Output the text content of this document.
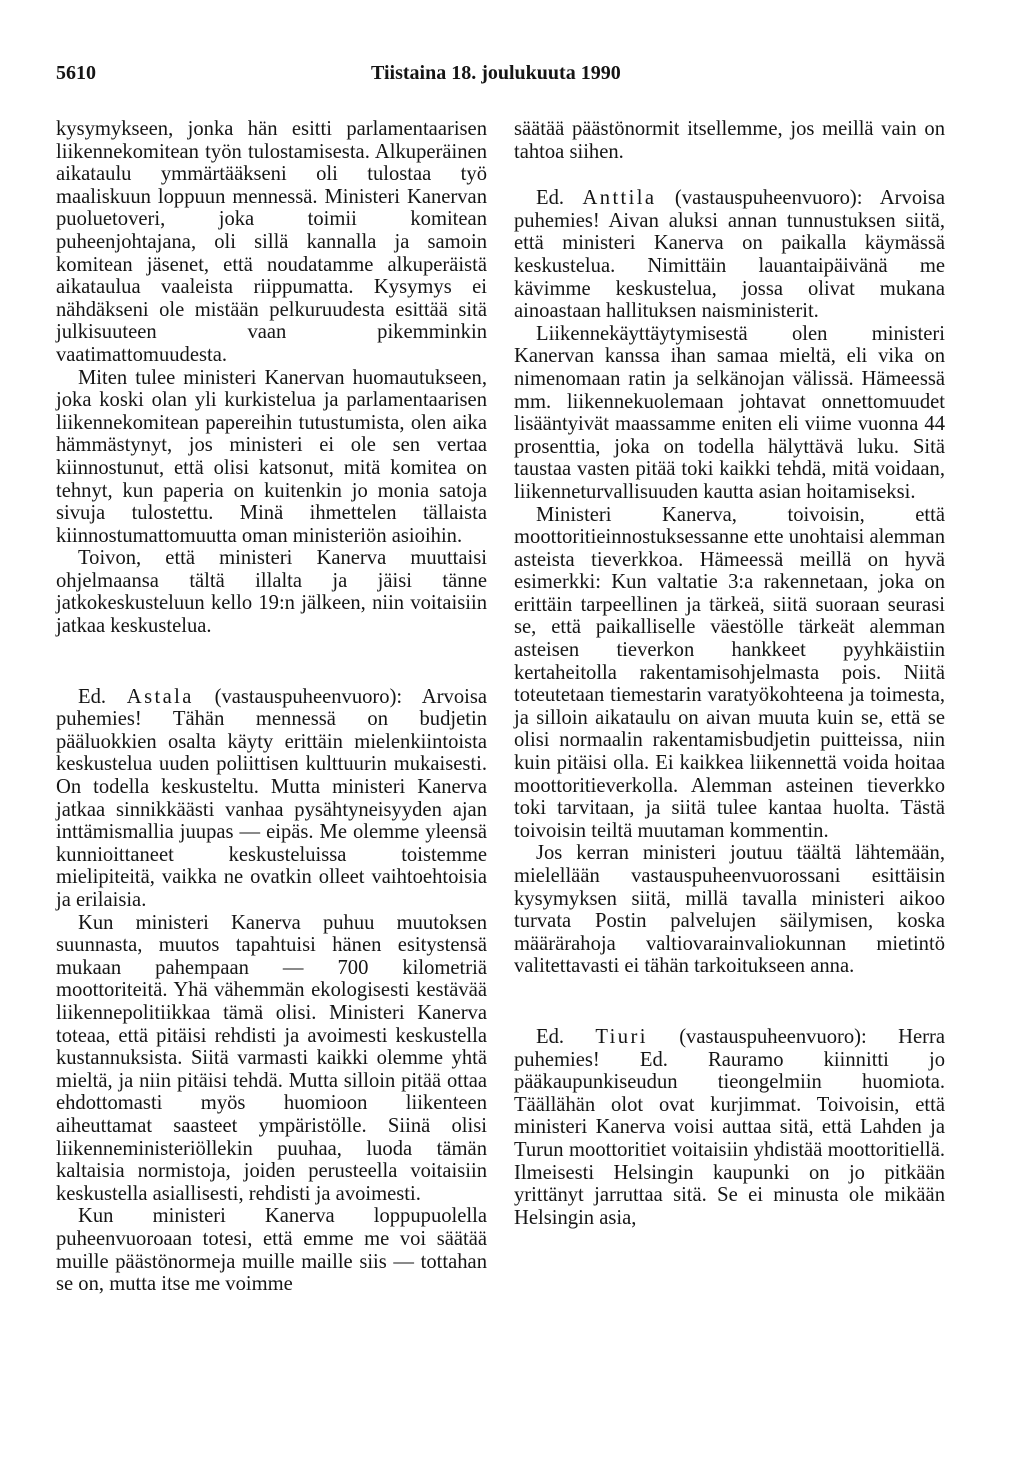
5610	Tiistaina 18. joulukuuta 1990

kysymykseen, jonka hän esitti parlamentaarisen liikennekomitean työn tulostamisesta. Alkuperäinen aikataulu ymmärtääkseni oli tulostaa työ maaliskuun loppuun mennessä. Ministeri Kanervan puoluetoveri, joka toimii komitean puheenjohtajana, oli sillä kannalla ja samoin komitean jäsenet, että noudatamme alkuperäistä aikataulua vaaleista riippumatta. Kysymys ei nähdäkseni ole mistään pelkuruudesta esittää sitä julkisuuteen vaan pikemminkin vaatimattomuudesta.

Miten tulee ministeri Kanervan huomautukseen, joka koski olan yli kurkistelua ja parlamentaarisen liikennekomitean papereihin tutustumista, olen aika hämmästynyt, jos ministeri ei ole sen vertaa kiinnostunut, että olisi katsonut, mitä komitea on tehnyt, kun paperia on kuitenkin jo monia satoja sivuja tulostettu. Minä ihmettelen tällaista kiinnostumattomuutta oman ministeriön asioihin.

Toivon, että ministeri Kanerva muuttaisi ohjelmaansa tältä illalta ja jäisi tänne jatkokeskusteluun kello 19:n jälkeen, niin voitaisiin jatkaa keskustelua.

Ed. Astala (vastauspuheenvuoro): Arvoisa puhemies! Tähän mennessä on budjetin pääluokkien osalta käyty erittäin mielenkiintoista keskustelua uuden poliittisen kulttuurin mukaisesti. On todella keskusteltu. Mutta ministeri Kanerva jatkaa sinnikkäästi vanhaa pysähtyneisyyden ajan inttämismallia juupas — eipäs. Me olemme yleensä kunnioittaneet keskusteluissa toistemme mielipiteitä, vaikka ne ovatkin olleet vaihtoehtoisia ja erilaisia.

Kun ministeri Kanerva puhuu muutoksen suunnasta, muutos tapahtuisi hänen esitystensä mukaan pahempaan — 700 kilometriä moottoriteitä. Yhä vähemmän ekologisesti kestävää liikennepolitiikkaa tämä olisi. Ministeri Kanerva toteaa, että pitäisi rehdisti ja avoimesti keskustella kustannuksista. Siitä varmasti kaikki olemme yhtä mieltä, ja niin pitäisi tehdä. Mutta silloin pitää ottaa ehdottomasti myös huomioon liikenteen aiheuttamat saasteet ympäristölle. Siinä olisi liikenneministeriöllekin puuhaa, luoda tämän kaltaisia normistoja, joiden perusteella voitaisiin keskustella asiallisesti, rehdisti ja avoimesti.

Kun ministeri Kanerva loppupuolella puheenvuoroaan totesi, että emme me voi säätää muille päästönormeja muille maille siis — tottahan se on, mutta itse me voimme

säätää päästönormit itsellemme, jos meillä vain on tahtoa siihen.

Ed. Anttila (vastauspuheenvuoro): Arvoisa puhemies! Aivan aluksi annan tunnustuksen siitä, että ministeri Kanerva on paikalla käymässä keskustelua. Nimittäin lauantaipäivänä me kävimme keskustelua, jossa olivat mukana ainoastaan hallituksen naisministerit.

Liikennekäyttäytymisestä olen ministeri Kanervan kanssa ihan samaa mieltä, eli vika on nimenomaan ratin ja selkänojan välissä. Hämeessä mm. liikennekuolemaan johtavat onnettomuudet lisääntyivät maassamme eniten eli viime vuonna 44 prosenttia, joka on todella hälyttävä luku. Sitä taustaa vasten pitää toki kaikki tehdä, mitä voidaan, liikenneturvallisuuden kautta asian hoitamiseksi.

Ministeri Kanerva, toivoisin, että moottoritieinnostuksessanne ette unohtaisi alemman asteista tieverkkoa. Hämeessä meillä on hyvä esimerkki: Kun valtatie 3:a rakennetaan, joka on erittäin tarpeellinen ja tärkeä, siitä suoraan seurasi se, että paikalliselle väestölle tärkeät alemman asteisen tieverkon hankkeet pyyhkäistiin kertaheitolla rakentamisohjelmasta pois. Niitä toteutetaan tiemestarin varatyökohteena ja toimesta, ja silloin aikataulu on aivan muuta kuin se, että se olisi normaalin rakentamisbudjetin puitteissa, niin kuin pitäisi olla. Ei kaikkea liikennettä voida hoitaa moottoritieverkolla. Alemman asteinen tieverkko toki tarvitaan, ja siitä tulee kantaa huolta. Tästä toivoisin teiltä muutaman kommentin.

Jos kerran ministeri joutuu täältä lähtemään, mielellään vastauspuheenvuorossani esittäisin kysymyksen siitä, millä tavalla ministeri aikoo turvata Postin palvelujen säilymisen, koska määrärahoja valtiovarainvaliokunnan mietintö valitettavasti ei tähän tarkoitukseen anna.

Ed. Tiuri (vastauspuheenvuoro): Herra puhemies! Ed. Rauramo kiinnitti jo pääkaupunkiseudun tieongelmiin huomiota. Täällähän olot ovat kurjimmat. Toivoisin, että ministeri Kanerva voisi auttaa sitä, että Lahden ja Turun moottoritiet voitaisiin yhdistää moottoritiellä. Ilmeisesti Helsingin kaupunki on jo pitkään yrittänyt jarruttaa sitä. Se ei minusta ole mikään Helsingin asia,
